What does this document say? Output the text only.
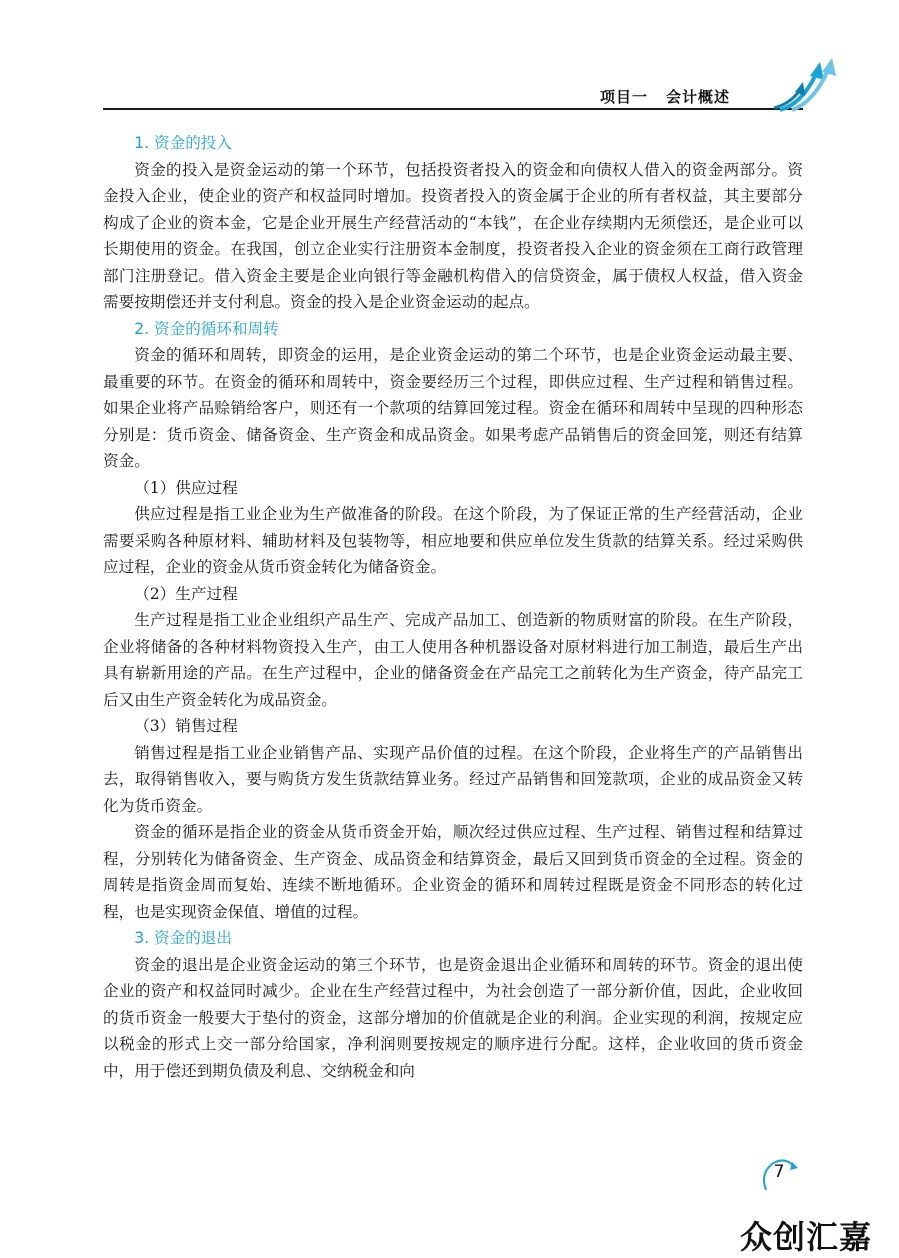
项目一 会计概述
1. 资金的投入

资金的投入是资金运动的第一个环节，包括投资者投入的资金和向债权人借入的资金两部分。资金投入企业，使企业的资产和权益同时增加。投资者投入的资金属于企业的所有者权益，其主要部分构成了企业的资本金，它是企业开展生产经营活动的“本钱”，在企业存续期内无须偿还，是企业可以长期使用的资金。在我国，创立企业实行注册资本金制度，投资者投入企业的资金须在工商行政管理部门注册登记。借入资金主要是企业向银行等金融机构借入的信贷资金，属于债权人权益，借入资金需要按期偿还并支付利息。资金的投入是企业资金运动的起点。

2. 资金的循环和周转

资金的循环和周转，即资金的运用，是企业资金运动的第二个环节，也是企业资金运动最主要、最重要的环节。在资金的循环和周转中，资金要经历三个过程，即供应过程、生产过程和销售过程。如果企业将产品赊销给客户，则还有一个款项的结算回笼过程。资金在循环和周转中呈现的四种形态分别是：货币资金、储备资金、生产资金和成品资金。如果考虑产品销售后的资金回笼，则还有结算资金。

（1）供应过程

供应过程是指工业企业为生产做准备的阶段。在这个阶段，为了保证正常的生产经营活动，企业需要采购各种原材料、辅助材料及包装物等，相应地要和供应单位发生货款的结算关系。经过采购供应过程，企业的资金从货币资金转化为储备资金。

（2）生产过程

生产过程是指工业企业组织产品生产、完成产品加工、创造新的物质财富的阶段。在生产阶段，企业将储备的各种材料物资投入生产，由工人使用各种机器设备对原材料进行加工制造，最后生产出具有崭新用途的产品。在生产过程中，企业的储备资金在产品完工之前转化为生产资金，待产品完工后又由生产资金转化为成品资金。

（3）销售过程

销售过程是指工业企业销售产品、实现产品价值的过程。在这个阶段，企业将生产的产品销售出去，取得销售收入，要与购货方发生货款结算业务。经过产品销售和回笼款项，企业的成品资金又转化为货币资金。

资金的循环是指企业的资金从货币资金开始，顺次经过供应过程、生产过程、销售过程和结算过程，分别转化为储备资金、生产资金、成品资金和结算资金，最后又回到货币资金的全过程。资金的周转是指资金周而复始、连续不断地循环。企业资金的循环和周转过程既是资金不同形态的转化过程，也是实现资金保值、增值的过程。

3. 资金的退出

资金的退出是企业资金运动的第三个环节，也是资金退出企业循环和周转的环节。资金的退出使企业的资产和权益同时减少。企业在生产经营过程中，为社会创造了一部分新价值，因此，企业收回的货币资金一般要大于垫付的资金，这部分增加的价值就是企业的利润。企业实现的利润，按规定应以税金的形式上交一部分给国家，净利润则要按规定的顺序进行分配。这样，企业收回的货币资金中，用于偿还到期负债及利息、交纳税金和向

7
众创汇嘉
